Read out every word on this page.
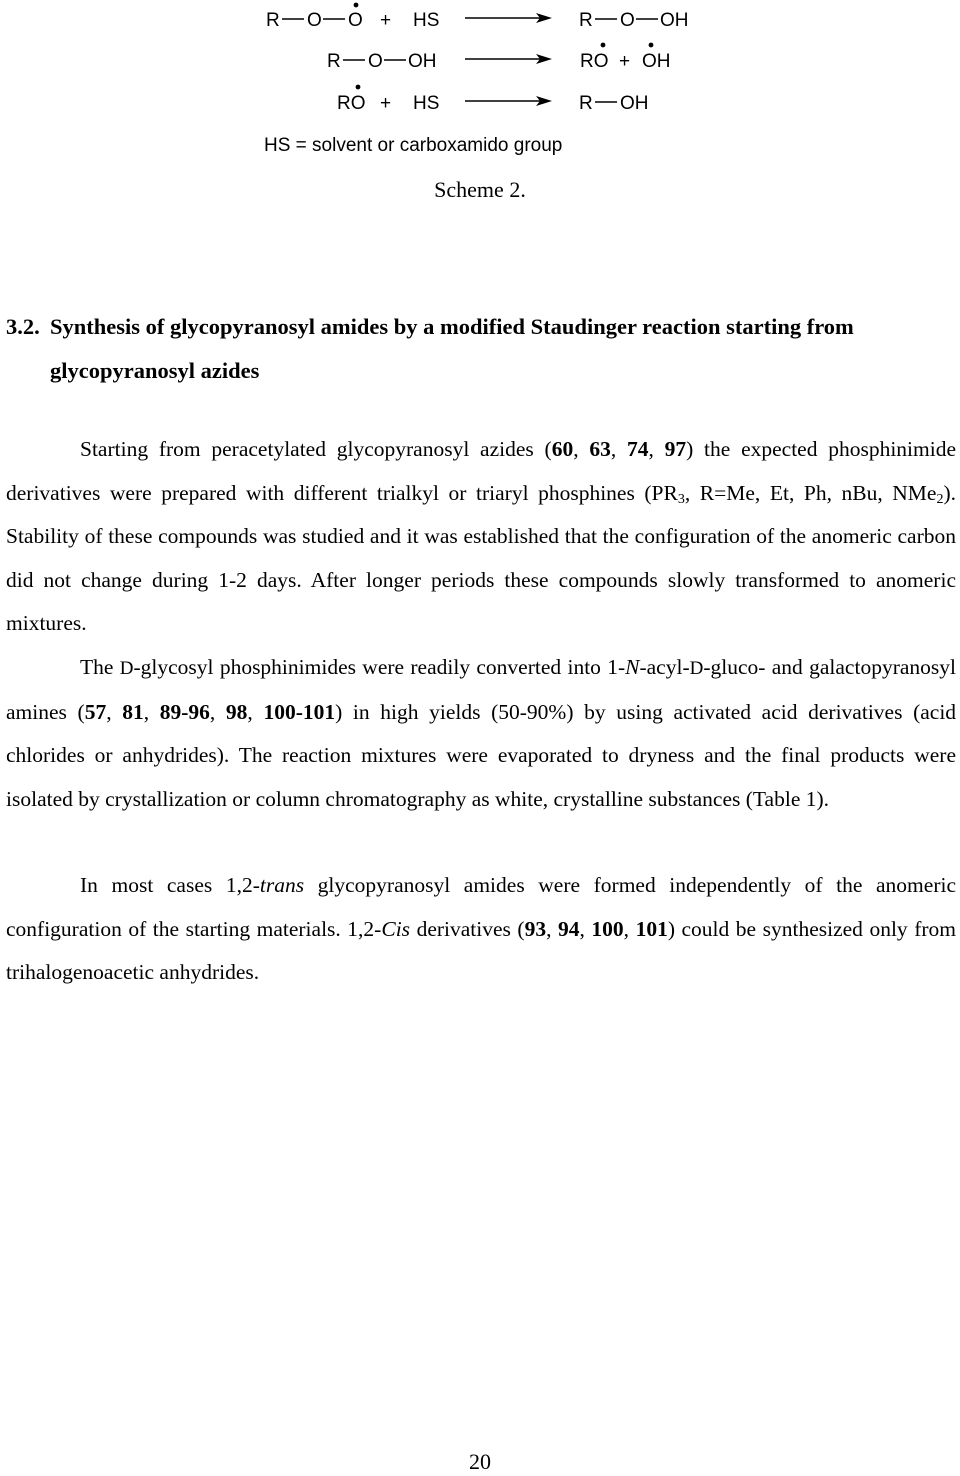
R O O + HS	R O OH
R O OH	RO + OH
RO + HS	R OH
HS = solvent or carboxamido group
Scheme 2.
3.2. Synthesis of glycopyranosyl amides by a modified Staudinger reaction starting from
glycopyranosyl azides

Starting from peracetylated glycopyranosyl azides (60, 63, 74, 97) the expected phosphinimide derivatives were prepared with different trialkyl or triaryl phosphines ($PR_3$, R=Me, Et, Ph, nBu, NMe$_2$). Stability of these compounds was studied and it was established that the configuration of the anomeric carbon did not change during 1-2 days. After longer periods these compounds slowly transformed to anomeric mixtures.

The D-glycosyl phosphinimides were readily converted into 1-N-acyl-D-gluco- and galactopyranosyl amines (57, 81, 89-96, 98, 100-101) in high yields (50-90%) by using activated acid derivatives (acid chlorides or anhydrides). The reaction mixtures were evaporated to dryness and the final products were isolated by crystallization or column chromatography as white, crystalline substances (Table 1).

In most cases 1,2-trans glycopyranosyl amides were formed independently of the anomeric configuration of the starting materials. 1,2-Cis derivatives (93, 94, 100, 101) could be synthesized only from trihalogenoacetic anhydrides.

20
